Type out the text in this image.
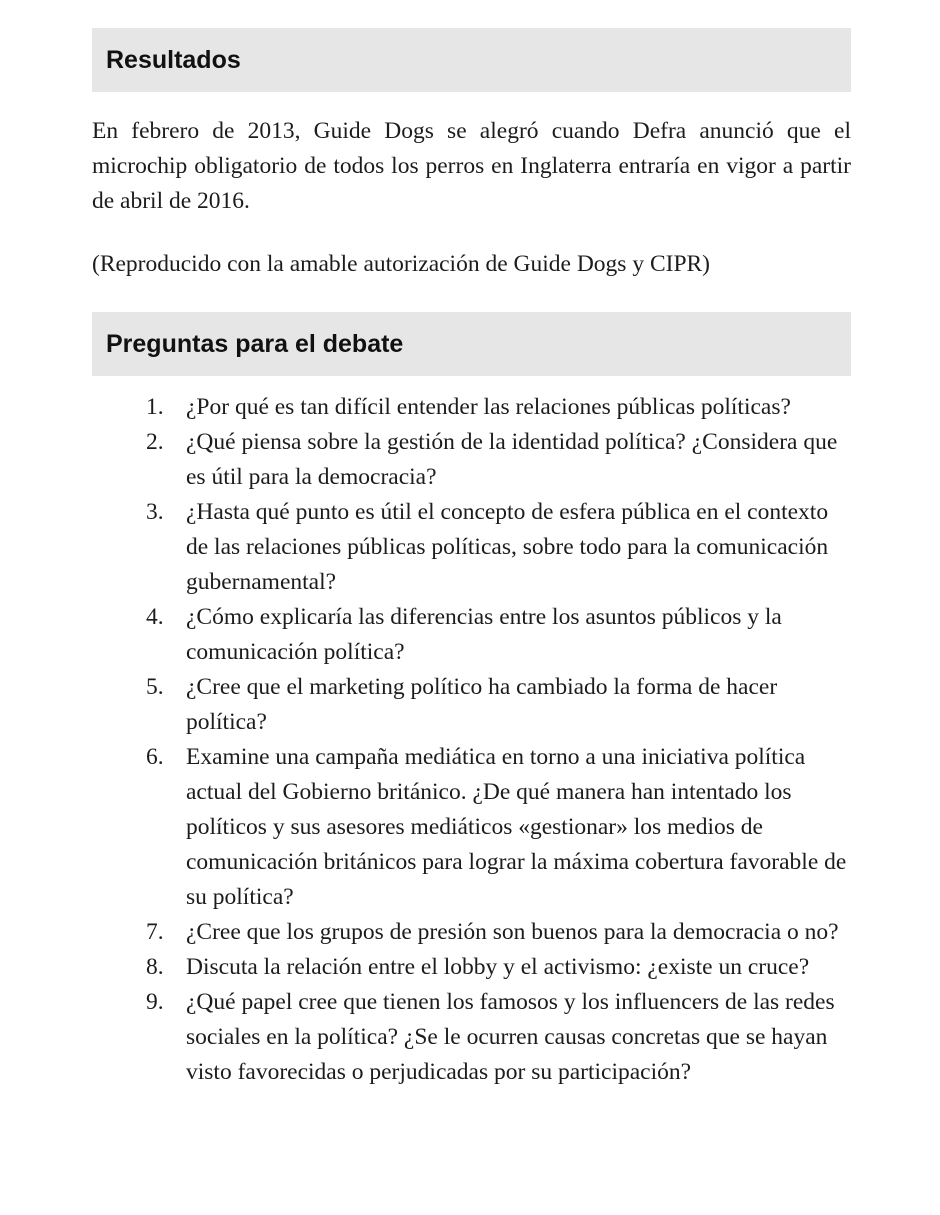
Resultados

En febrero de 2013, Guide Dogs se alegró cuando Defra anunció que el microchip obligatorio de todos los perros en Inglaterra entraría en vigor a partir de abril de 2016.

(Reproducido con la amable autorización de Guide Dogs y CIPR)

Preguntas para el debate
1. ¿Por qué es tan difícil entender las relaciones públicas políticas?
2. ¿Qué piensa sobre la gestión de la identidad política? ¿Considera que es útil para la democracia?
3. ¿Hasta qué punto es útil el concepto de esfera pública en el contexto de las relaciones públicas políticas, sobre todo para la comunicación gubernamental?
4. ¿Cómo explicaría las diferencias entre los asuntos públicos y la comunicación política?
5. ¿Cree que el marketing político ha cambiado la forma de hacer política?
6. Examine una campaña mediática en torno a una iniciativa política actual del Gobierno británico. ¿De qué manera han intentado los políticos y sus asesores mediáticos «gestionar» los medios de comunicación británicos para lograr la máxima cobertura favorable de su política?
7. ¿Cree que los grupos de presión son buenos para la democracia o no?
8. Discuta la relación entre el lobby y el activismo: ¿existe un cruce?
9. ¿Qué papel cree que tienen los famosos y los influencers de las redes sociales en la política? ¿Se le ocurren causas concretas que se hayan visto favorecidas o perjudicadas por su participación?
